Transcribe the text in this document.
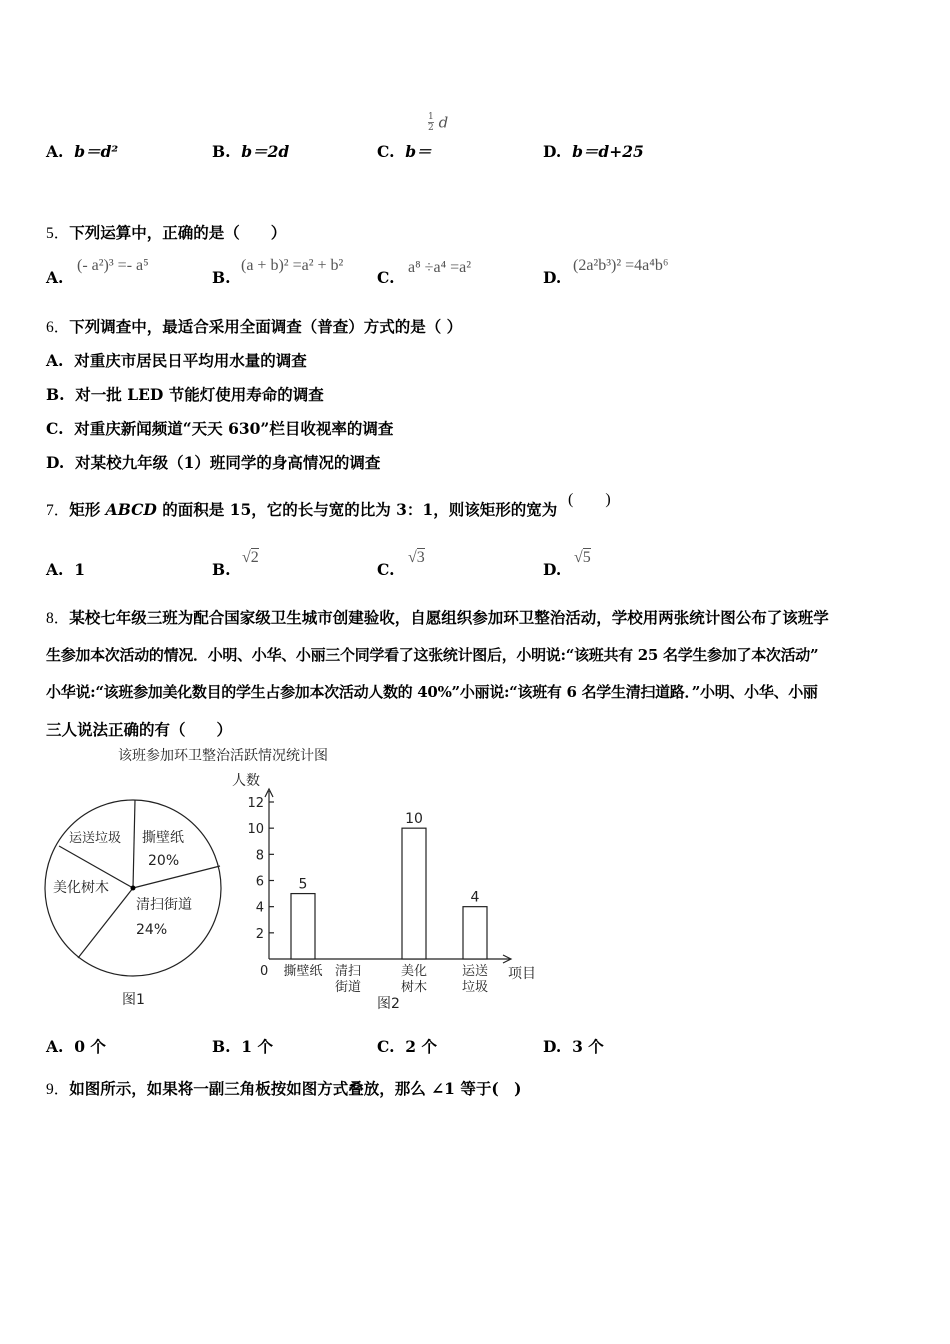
A. b＝d²	B. b＝2d	C. b＝
$\frac{1}{2}$ d
D. b＝d+25
5．下列运算中，正确的是（　　）
A.
(- a²)³ =- a⁵
B.
(a + b)² =a² + b²
C.
a⁸ ÷a⁴ =a²
D.
(2a²b³)² =4a⁴b⁶
6．下列调查中，最适合采用全面调查（普查）方式的是（ ）
A. 对重庆市居民日平均用水量的调查
B. 对一批 LED 节能灯使用寿命的调查
C. 对重庆新闻频道“天天 630”栏目收视率的调查
D. 对某校九年级（1）班同学的身高情况的调查
7．矩形 ABCD 的面积是 15，它的长与宽的比为 3：1，则该矩形的宽为
(　　)
A. 1	B.
√2
C.
√3
D.
√5
8．某校七年级三班为配合国家级卫生城市创建验收，自愿组织参加环卫整治活动，学校用两张统计图公布了该班学
生参加本次活动的情况．小明、小华、小丽三个同学看了这张统计图后，小明说:“该班共有 25 名学生参加了本次活动”
小华说:“该班参加美化数目的学生占参加本次活动人数的 40%”小丽说:“该班有 6 名学生清扫道路．”小明、小华、小丽
三人说法正确的有（　　）
该班参加环卫整治活跃情况统计图
运送垃圾 撕壁纸
20%
美化树木
清扫街道
24%
图1
人数
0	项目
2
4
6
8
10
12
5
10
4
撕壁纸 清扫
街道
美化
树木
运送
垃圾
图2
A. 0 个	B. 1 个	C. 2 个	D. 3 个
9．如图所示，如果将一副三角板按如图方式叠放，那么 ∠1 等于(　)
